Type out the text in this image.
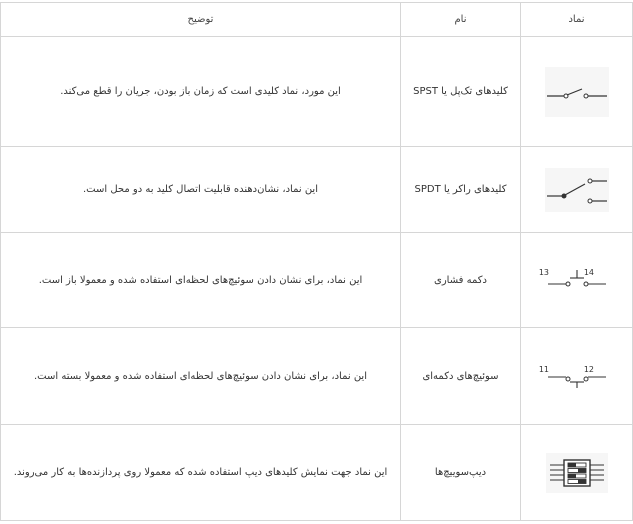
نماد	نام	توضیح

	کلیدهای تک‌پل یا SPST	این مورد، نماد کلیدی است که زمان باز بودن، جریان را قطع می‌کند.

	کلیدهای راکر یا SPDT	این نماد، نشان‌دهنده قابلیت اتصال کلید به دو محل است.

13 14	دکمه فشاری	این نماد، برای نشان دادن سوئیچ‌های لحظه‌ای استفاده شده و معمولا باز است.

11 12	سوئیچ‌های دکمه‌ای	این نماد، برای نشان دادن سوئیچ‌های لحظه‌ای استفاده شده و معمولا بسته است.

	دیپ‌سوییچ‌ها	این نماد جهت نمایش کلیدهای دیپ استفاده شده که معمولا روی پردازنده‌ها به کار می‌روند.
